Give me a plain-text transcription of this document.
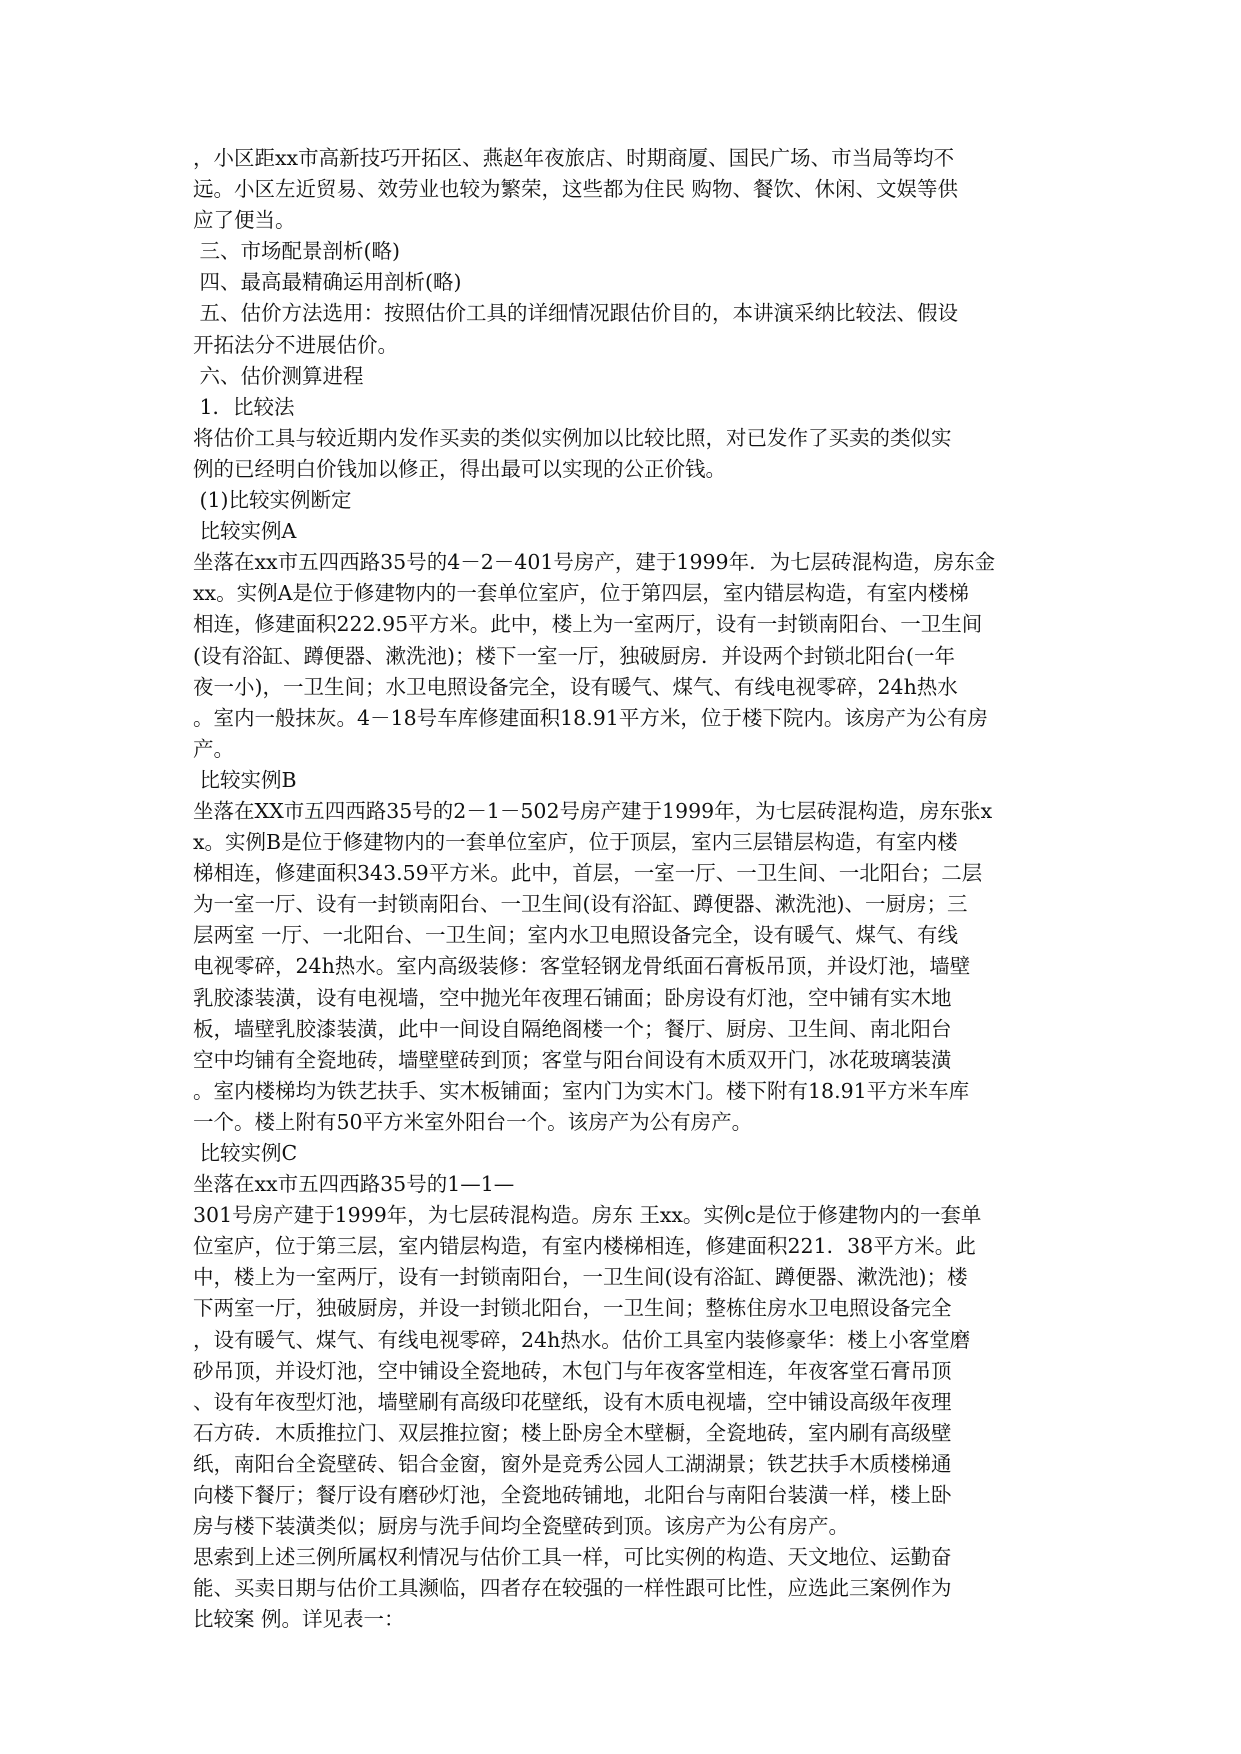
，小区距xx市高新技巧开拓区、燕赵年夜旅店、时期商厦、国民广场、市当局等均不
远。小区左近贸易、效劳业也较为繁荣，这些都为住民 购物、餐饮、休闲、文娱等供
应了便当。
三、市场配景剖析(略)
四、最高最精确运用剖析(略)
五、估价方法选用：按照估价工具的详细情况跟估价目的，本讲演采纳比较法、假设
开拓法分不进展估价。
六、估价测算进程
1．比较法
将估价工具与较近期内发作买卖的类似实例加以比较比照，对已发作了买卖的类似实
例的已经明白价钱加以修正，得出最可以实现的公正价钱。
(1)比较实例断定
比较实例A
坐落在xx市五四西路35号的4－2－401号房产，建于1999年．为七层砖混构造，房东金
xx。实例A是位于修建物内的一套单位室庐，位于第四层，室内错层构造，有室内楼梯
相连，修建面积222.95平方米。此中，楼上为一室两厅，设有一封锁南阳台、一卫生间
(设有浴缸、蹲便器、漱洗池)；楼下一室一厅，独破厨房．并设两个封锁北阳台(一年
夜一小)，一卫生间；水卫电照设备完全，设有暖气、煤气、有线电视零碎，24h热水
。室内一般抹灰。4－18号车库修建面积18.91平方米，位于楼下院内。该房产为公有房
产。
比较实例B
坐落在XX市五四西路35号的2－1－502号房产建于1999年，为七层砖混构造，房东张x
x。实例B是位于修建物内的一套单位室庐，位于顶层，室内三层错层构造，有室内楼
梯相连，修建面积343.59平方米。此中，首层，一室一厅、一卫生间、一北阳台；二层
为一室一厅、设有一封锁南阳台、一卫生间(设有浴缸、蹲便器、漱洗池)、一厨房；三
层两室 一厅、一北阳台、一卫生间；室内水卫电照设备完全，设有暖气、煤气、有线
电视零碎，24h热水。室内高级装修：客堂轻钢龙骨纸面石膏板吊顶，并设灯池，墙壁
乳胶漆装潢，设有电视墙，空中抛光年夜理石铺面；卧房设有灯池，空中铺有实木地
板，墙壁乳胶漆装潢，此中一间设自隔绝阁楼一个；餐厅、厨房、卫生间、南北阳台
空中均铺有全瓷地砖，墙壁壁砖到顶；客堂与阳台间设有木质双开门，冰花玻璃装潢
。室内楼梯均为铁艺扶手、实木板铺面；室内门为实木门。楼下附有18.91平方米车库
一个。楼上附有50平方米室外阳台一个。该房产为公有房产。
比较实例C
坐落在xx市五四西路35号的1—1—
301号房产建于1999年，为七层砖混构造。房东 王xx。实例c是位于修建物内的一套单
位室庐，位于第三层，室内错层构造，有室内楼梯相连，修建面积221．38平方米。此
中，楼上为一室两厅，设有一封锁南阳台，一卫生间(设有浴缸、蹲便器、漱洗池)；楼
下两室一厅，独破厨房，并设一封锁北阳台，一卫生间；整栋住房水卫电照设备完全
，设有暖气、煤气、有线电视零碎，24h热水。估价工具室内装修豪华：楼上小客堂磨
砂吊顶，并设灯池，空中铺设全瓷地砖，木包门与年夜客堂相连，年夜客堂石膏吊顶
、设有年夜型灯池，墙壁刷有高级印花壁纸，设有木质电视墙，空中铺设高级年夜理
石方砖．木质推拉门、双层推拉窗；楼上卧房全木壁橱，全瓷地砖，室内刷有高级壁
纸，南阳台全瓷壁砖、铝合金窗，窗外是竞秀公园人工湖湖景；铁艺扶手木质楼梯通
向楼下餐厅；餐厅设有磨砂灯池，全瓷地砖铺地，北阳台与南阳台装潢一样，楼上卧
房与楼下装潢类似；厨房与洗手间均全瓷壁砖到顶。该房产为公有房产。
思索到上述三例所属权利情况与估价工具一样，可比实例的构造、天文地位、运勤奋
能、买卖日期与估价工具濒临，四者存在较强的一样性跟可比性，应选此三案例作为
比较案 例。详见表一：
